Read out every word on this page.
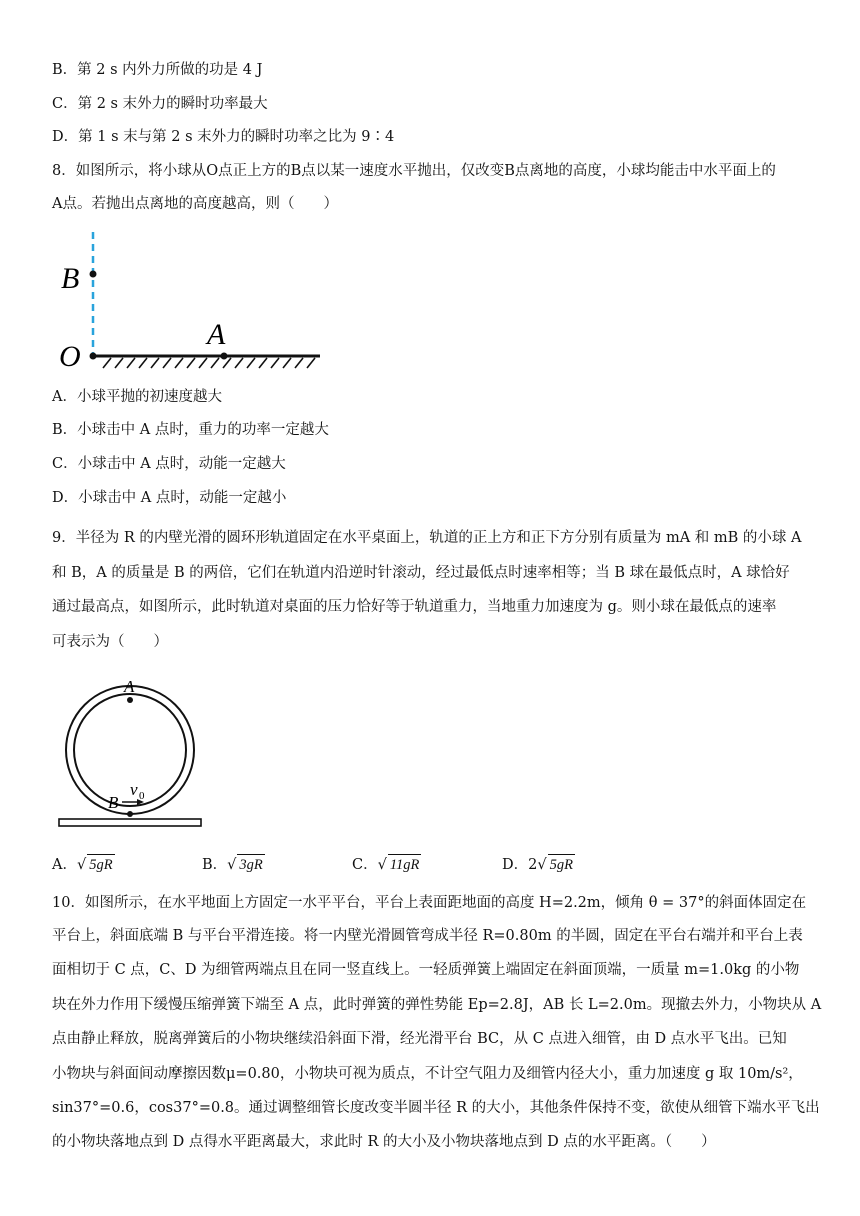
B．第 2 s 内外力所做的功是 4 J
C．第 2 s 末外力的瞬时功率最大
D．第 1 s 末与第 2 s 末外力的瞬时功率之比为 9∶4
8．如图所示，将小球从O点正上方的B点以某一速度水平抛出，仅改变B点离地的高度，小球均能击中水平面上的
A点。若抛出点离地的高度越高，则（　　）
B
O
A
A．小球平抛的初速度越大
B．小球击中 A 点时，重力的功率一定越大
C．小球击中 A 点时，动能一定越大
D．小球击中 A 点时，动能一定越小
9．半径为 R 的内壁光滑的圆环形轨道固定在水平桌面上，轨道的正上方和正下方分别有质量为 mA 和 mB 的小球 A
和 B，A 的质量是 B 的两倍，它们在轨道内沿逆时针滚动，经过最低点时速率相等；当 B 球在最低点时，A 球恰好
通过最高点，如图所示，此时轨道对桌面的压力恰好等于轨道重力，当地重力加速度为 g。则小球在最低点的速率
可表示为（　　）
A
B
v 0
A．√ 5gR	B．√ 3gR	C．√ 11gR	D．2√ 5gR
10．如图所示，在水平地面上方固定一水平平台，平台上表面距地面的高度 H=2.2m，倾角 θ = 37°的斜面体固定在
平台上，斜面底端 B 与平台平滑连接。将一内壁光滑圆管弯成半径 R=0.80m 的半圆，固定在平台右端并和平台上表
面相切于 C 点，C、D 为细管两端点且在同一竖直线上。一轻质弹簧上端固定在斜面顶端，一质量 m=1.0kg 的小物
块在外力作用下缓慢压缩弹簧下端至 A 点，此时弹簧的弹性势能 Ep=2.8J，AB 长 L=2.0m。现撤去外力，小物块从 A
点由静止释放，脱离弹簧后的小物块继续沿斜面下滑，经光滑平台 BC，从 C 点进入细管，由 D 点水平飞出。已知
小物块与斜面间动摩擦因数μ=0.80，小物块可视为质点，不计空气阻力及细管内径大小，重力加速度 g 取 10m/s²，
sin37°=0.6，cos37°=0.8。通过调整细管长度改变半圆半径 R 的大小，其他条件保持不变，欲使从细管下端水平飞出
的小物块落地点到 D 点得水平距离最大，求此时 R 的大小及小物块落地点到 D 点的水平距离。（　　）
